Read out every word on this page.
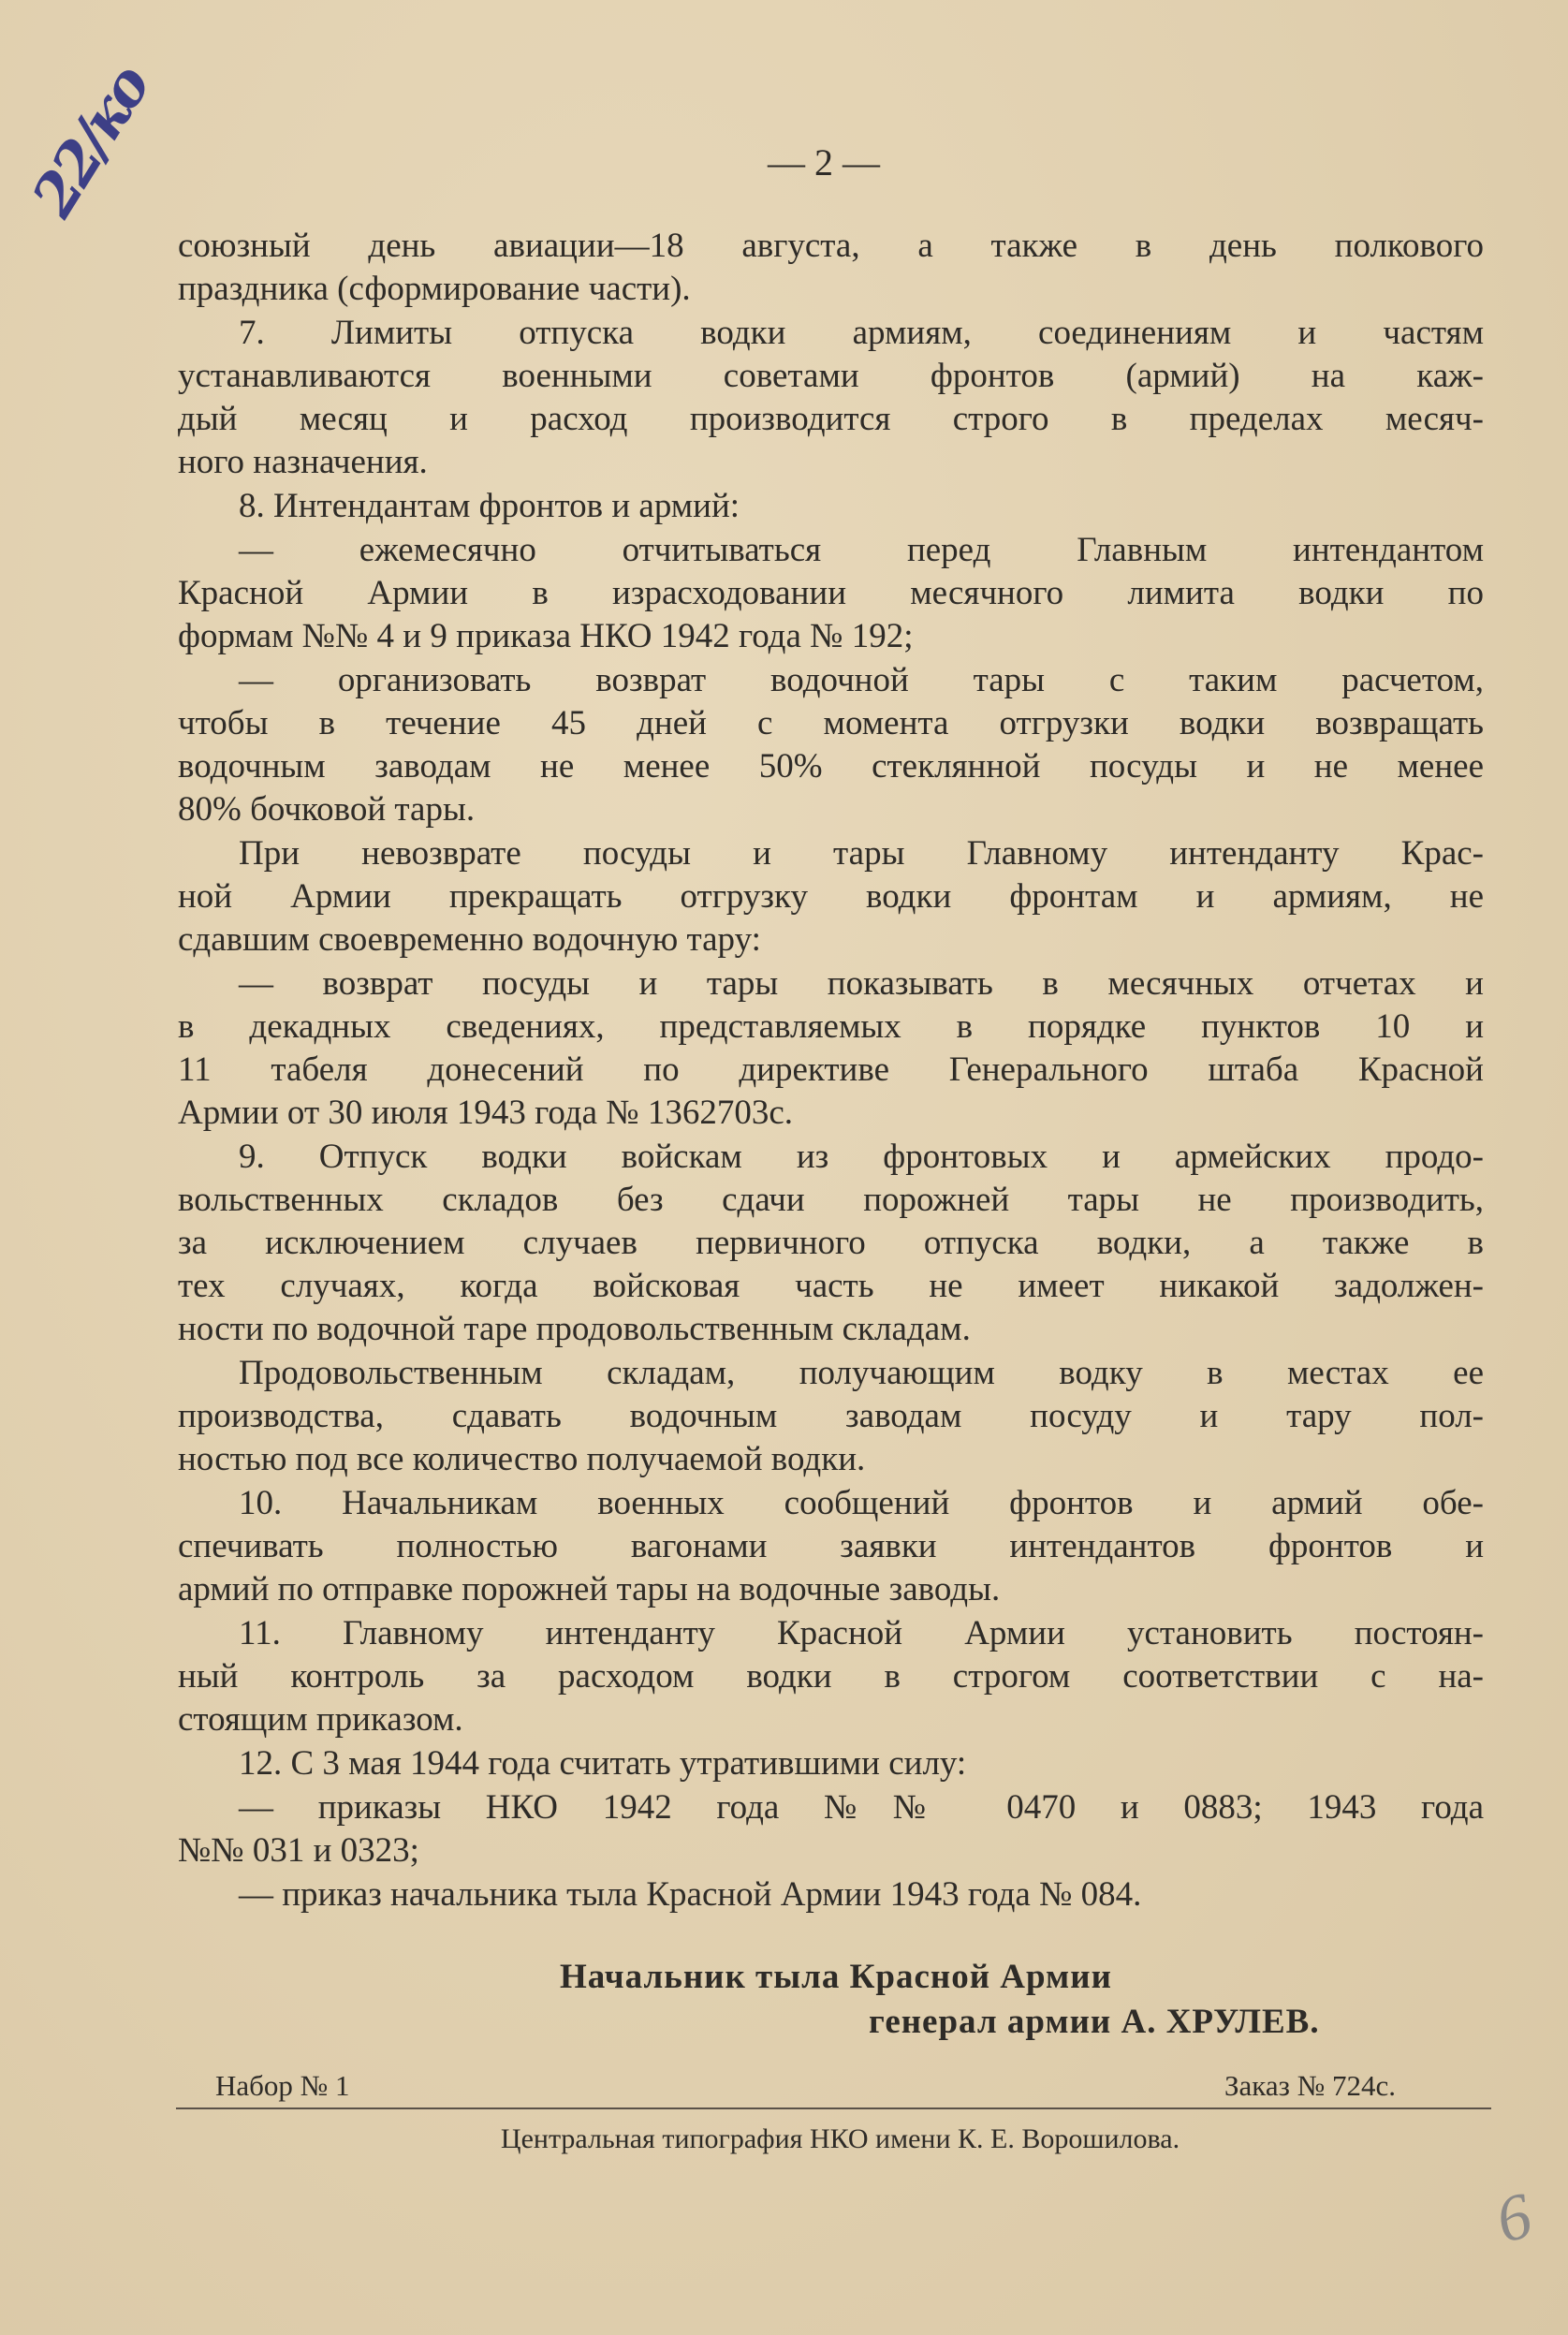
22/ко	— 2 —
союзный день авиации—18 августа, а также в день полкового
праздника (сформирование части).
7. Лимиты отпуска водки армиям, соединениям и частям
устанавливаются военными советами фронтов (армий) на каж-
дый месяц и расход производится строго в пределах месяч-
ного назначения.
8. Интендантам фронтов и армий:
— ежемесячно отчитываться перед Главным интендантом
Красной Армии в израсходовании месячного лимита водки по
формам №№ 4 и 9 приказа НКО 1942 года № 192;
— организовать возврат водочной тары с таким расчетом,
чтобы в течение 45 дней с момента отгрузки водки возвращать
водочным заводам не менее 50% стеклянной посуды и не менее
80% бочковой тары.
При невозврате посуды и тары Главному интенданту Крас-
ной Армии прекращать отгрузку водки фронтам и армиям, не
сдавшим своевременно водочную тару:
— возврат посуды и тары показывать в месячных отчетах и
в декадных сведениях, представляемых в порядке пунктов 10 и
11 табеля донесений по директиве Генерального штаба Красной
Армии от 30 июля 1943 года № 1362703с.
9. Отпуск водки войскам из фронтовых и армейских продо-
вольственных складов без сдачи порожней тары не производить,
за исключением случаев первичного отпуска водки, а также в
тех случаях, когда войсковая часть не имеет никакой задолжен-
ности по водочной таре продовольственным складам.
Продовольственным складам, получающим водку в местах ее
производства, сдавать водочным заводам посуду и тару пол-
ностью под все количество получаемой водки.
10. Начальникам военных сообщений фронтов и армий обе-
спечивать полностью вагонами заявки интендантов фронтов и
армий по отправке порожней тары на водочные заводы.
11. Главному интенданту Красной Армии установить постоян-
ный контроль за расходом водки в строгом соответствии с на-
стоящим приказом.
12. С 3 мая 1944 года считать утратившими силу:
— приказы НКО 1942 года №№ 0470 и 0883; 1943 года
№№ 031 и 0323;
— приказ начальника тыла Красной Армии 1943 года № 084.
Начальник тыла Красной Армии
генерал армии А. ХРУЛЕВ.
Набор № 1	Заказ № 724с.
Центральная типография НКО имени К. Е. Ворошилова.
6
